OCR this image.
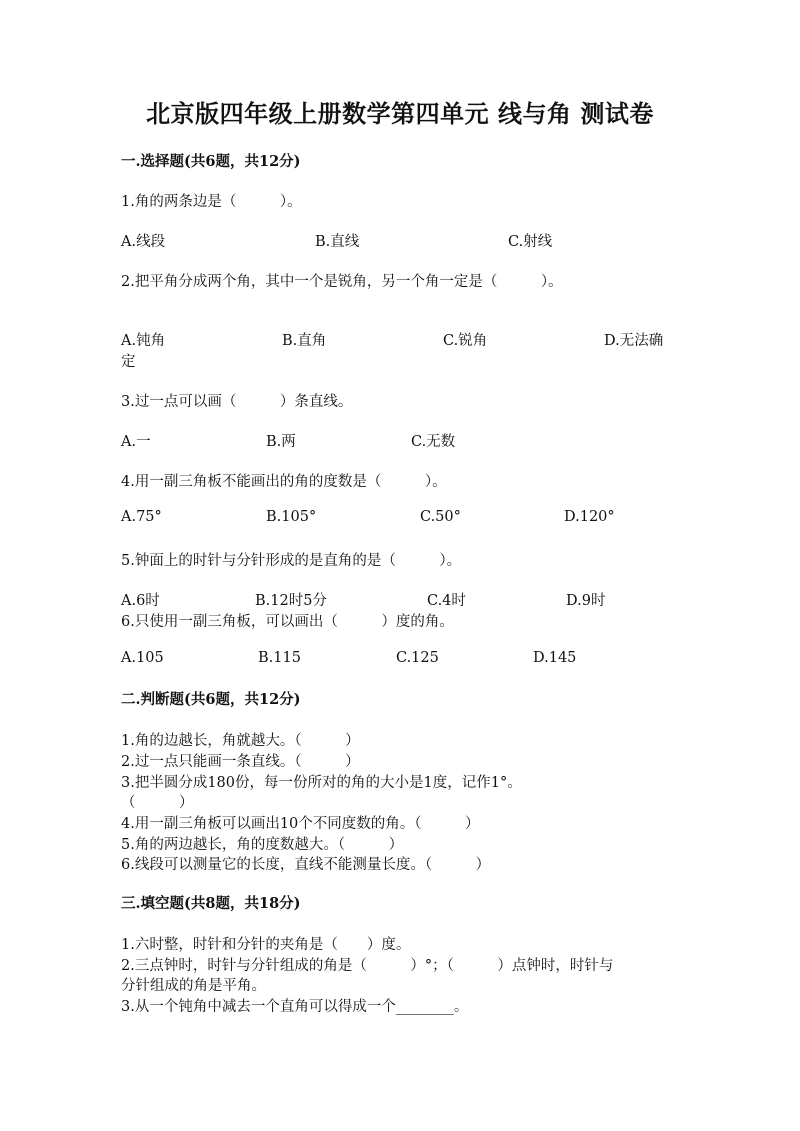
北京版四年级上册数学第四单元 线与角 测试卷
一.选择题(共6题，共12分)
1.角的两条边是（　　　）。
A.线段	B.直线	C.射线
2.把平角分成两个角，其中一个是锐角，另一个角一定是（　　　）。
A.钝角	B.直角	C.锐角	D.无法确
定
3.过一点可以画（　　　）条直线。
A.一	B.两	C.无数
4.用一副三角板不能画出的角的度数是（　　　）。
A.75°	B.105°	C.50°	D.120°
5.钟面上的时针与分针形成的是直角的是（　　　）。
A.6时	B.12时5分	C.4时	D.9时
6.只使用一副三角板，可以画出（　　　）度的角。
A.105	B.115	C.125	D.145
二.判断题(共6题，共12分)
1.角的边越长，角就越大。（　　　）
2.过一点只能画一条直线。（　　　）
3.把半圆分成180份，每一份所对的角的大小是1度，记作1°。
（　　　）
4.用一副三角板可以画出10个不同度数的角。（　　　）
5.角的两边越长，角的度数越大。（　　　）
6.线段可以测量它的长度，直线不能测量长度。（　　　）
三.填空题(共8题，共18分)
1.六时整，时针和分针的夹角是（　　）度。
2.三点钟时，时针与分针组成的角是（　　　）°；（　　　）点钟时，时针与
分针组成的角是平角。
3.从一个钝角中减去一个直角可以得成一个________。
